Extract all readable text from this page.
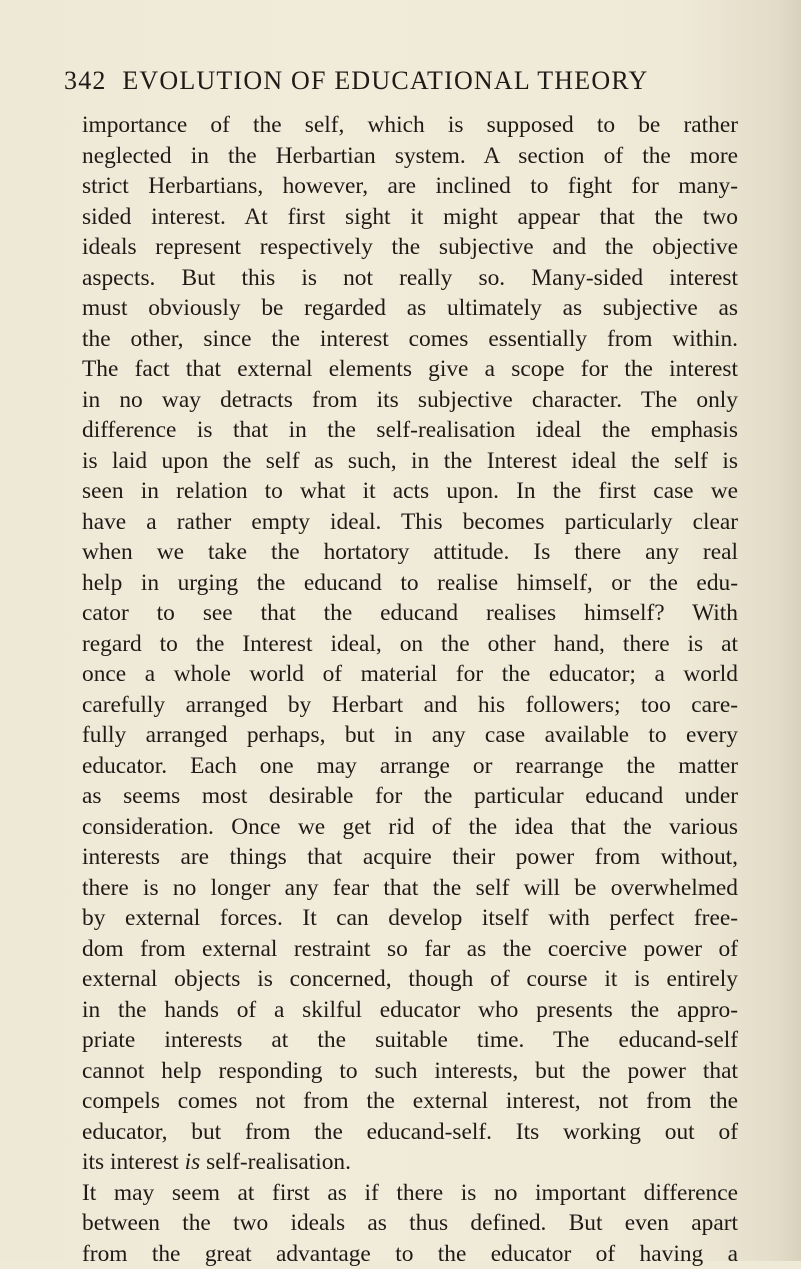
342 EVOLUTION OF EDUCATIONAL THEORY
importance of the self, which is supposed to be rather
neglected in the Herbartian system. A section of the more
strict Herbartians, however, are inclined to fight for many-
sided interest. At first sight it might appear that the two
ideals represent respectively the subjective and the objective
aspects. But this is not really so. Many-sided interest
must obviously be regarded as ultimately as subjective as
the other, since the interest comes essentially from within.
The fact that external elements give a scope for the interest
in no way detracts from its subjective character. The only
difference is that in the self-realisation ideal the emphasis
is laid upon the self as such, in the Interest ideal the self is
seen in relation to what it acts upon. In the first case we
have a rather empty ideal. This becomes particularly clear
when we take the hortatory attitude. Is there any real
help in urging the educand to realise himself, or the edu-
cator to see that the educand realises himself? With
regard to the Interest ideal, on the other hand, there is at
once a whole world of material for the educator; a world
carefully arranged by Herbart and his followers; too care-
fully arranged perhaps, but in any case available to every
educator. Each one may arrange or rearrange the matter
as seems most desirable for the particular educand under
consideration. Once we get rid of the idea that the various
interests are things that acquire their power from without,
there is no longer any fear that the self will be overwhelmed
by external forces. It can develop itself with perfect free-
dom from external restraint so far as the coercive power of
external objects is concerned, though of course it is entirely
in the hands of a skilful educator who presents the appro-
priate interests at the suitable time. The educand-self
cannot help responding to such interests, but the power that
compels comes not from the external interest, not from the
educator, but from the educand-self. Its working out of
its interest is self-realisation.
It may seem at first as if there is no important difference
between the two ideals as thus defined. But even apart
from the great advantage to the educator of having a
